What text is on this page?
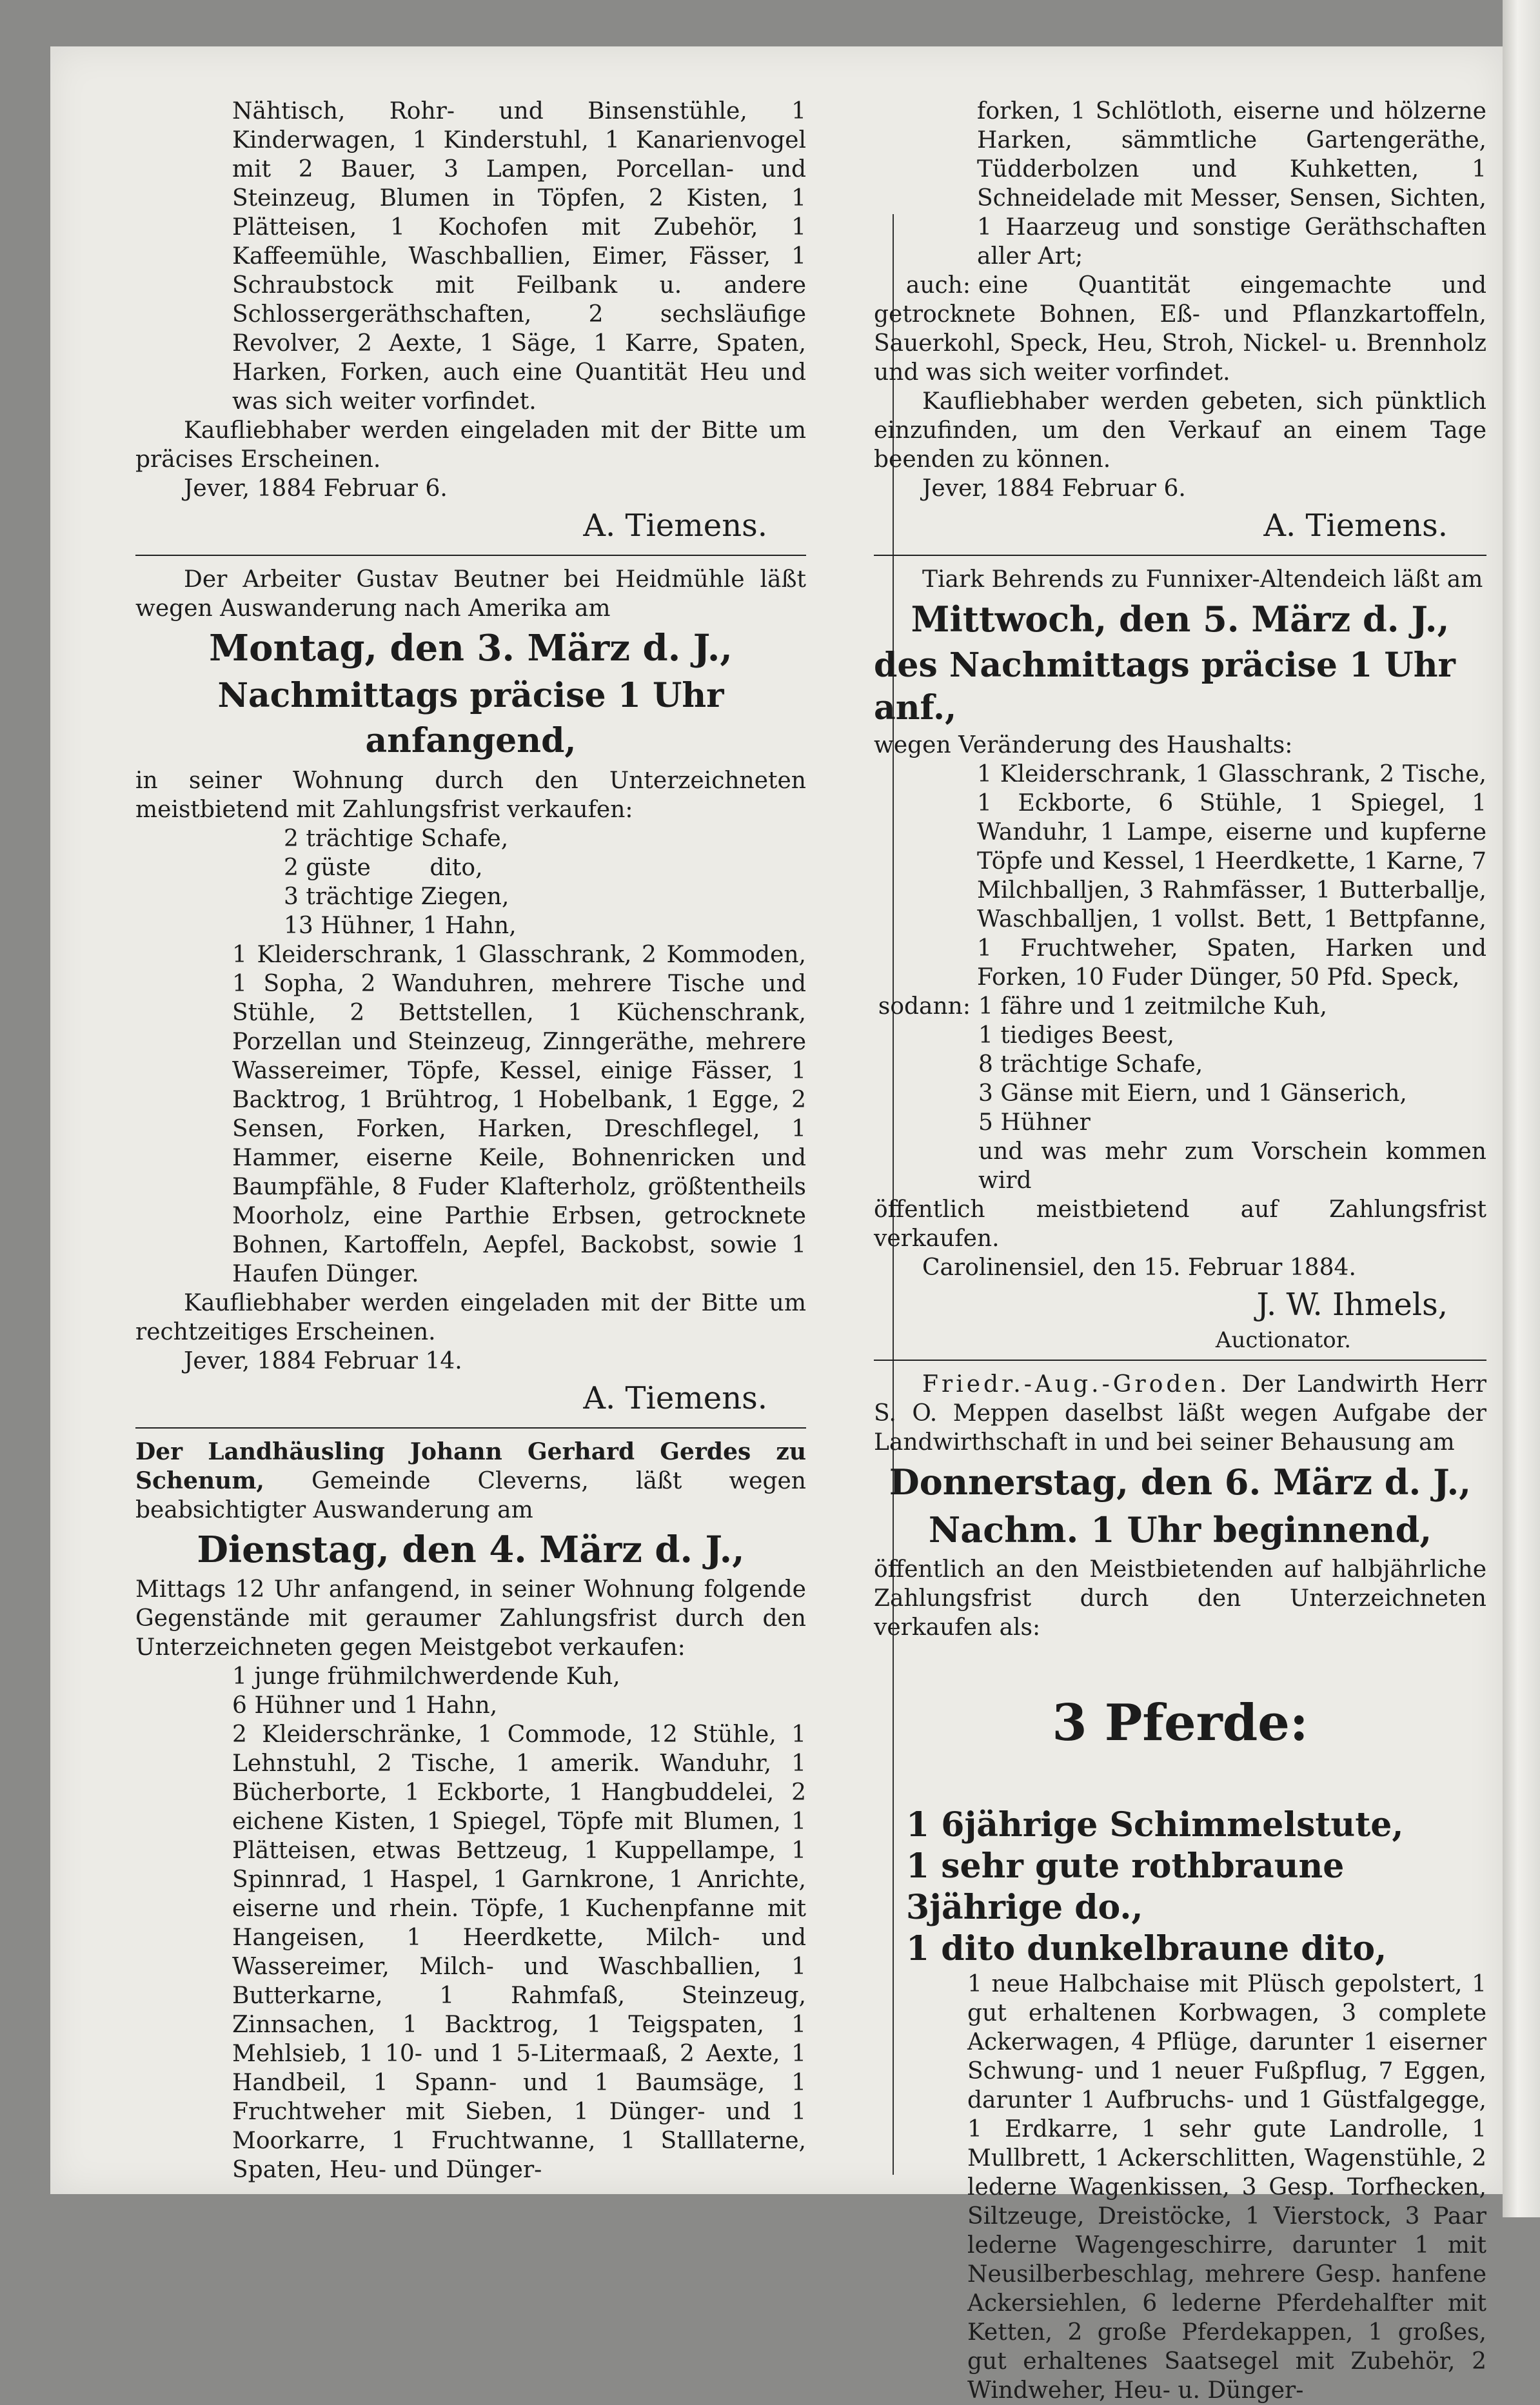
Nähtisch, Rohr- und Binsenstühle, 1 Kinderwagen, 1 Kinderstuhl, 1 Kanarienvogel mit 2 Bauer, 3 Lampen, Porcellan- und Steinzeug, Blumen in Töpfen, 2 Kisten, 1 Plätteisen, 1 Kochofen mit Zubehör, 1 Kaffeemühle, Waschballien, Eimer, Fässer, 1 Schraubstock mit Feilbank u. andere Schlossergeräthschaften, 2 sechsläufige Revolver, 2 Aexte, 1 Säge, 1 Karre, Spaten, Harken, Forken, auch eine Quantität Heu und was sich weiter vorfindet.

Kaufliebhaber werden eingeladen mit der Bitte um präcises Erscheinen.

Jever, 1884 Februar 6.

A. Tiemens.

Der Arbeiter Gustav Beutner bei Heidmühle läßt wegen Auswanderung nach Amerika am

Montag, den 3. März d. J.,

Nachmittags präcise 1 Uhr anfangend,

in seiner Wohnung durch den Unterzeichneten meistbietend mit Zahlungsfrist verkaufen:

2 trächtige Schafe,

2 güste        dito,

3 trächtige Ziegen,

13 Hühner, 1 Hahn,

1 Kleiderschrank, 1 Glasschrank, 2 Kommoden, 1 Sopha, 2 Wanduhren, mehrere Tische und Stühle, 2 Bettstellen, 1 Küchenschrank, Porzellan und Steinzeug, Zinngeräthe, mehrere Wassereimer, Töpfe, Kessel, einige Fässer, 1 Backtrog, 1 Brühtrog, 1 Hobelbank, 1 Egge, 2 Sensen, Forken, Harken, Dreschflegel, 1 Hammer, eiserne Keile, Bohnenricken und Baumpfähle, 8 Fuder Klafterholz, größtentheils Moorholz, eine Parthie Erbsen, getrocknete Bohnen, Kartoffeln, Aepfel, Backobst, sowie 1 Haufen Dünger.

Kaufliebhaber werden eingeladen mit der Bitte um rechtzeitiges Erscheinen.

Jever, 1884 Februar 14.

A. Tiemens.

Der Landhäusling Johann Gerhard Gerdes zu Schenum, Gemeinde Cleverns, läßt wegen beabsichtigter Auswanderung am

Dienstag, den 4. März d. J.,

Mittags 12 Uhr anfangend, in seiner Wohnung folgende Gegenstände mit geraumer Zahlungsfrist durch den Unterzeichneten gegen Meistgebot verkaufen:

1 junge frühmilchwerdende Kuh,

6 Hühner und 1 Hahn,

2 Kleiderschränke, 1 Commode, 12 Stühle, 1 Lehnstuhl, 2 Tische, 1 amerik. Wanduhr, 1 Bücherborte, 1 Eckborte, 1 Hangbuddelei, 2 eichene Kisten, 1 Spiegel, Töpfe mit Blumen, 1 Plätteisen, etwas Bettzeug, 1 Kuppellampe, 1 Spinnrad, 1 Haspel, 1 Garnkrone, 1 Anrichte, eiserne und rhein. Töpfe, 1 Kuchenpfanne mit Hangeisen, 1 Heerdkette, Milch- und Wassereimer, Milch- und Waschballien, 1 Butterkarne, 1 Rahmfaß, Steinzeug, Zinnsachen, 1 Backtrog, 1 Teigspaten, 1 Mehlsieb, 1 10- und 1 5-Litermaaß, 2 Aexte, 1 Handbeil, 1 Spann- und 1 Baumsäge, 1 Fruchtweher mit Sieben, 1 Dünger- und 1 Moorkarre, 1 Fruchtwanne, 1 Stalllaterne, Spaten, Heu- und Dünger-

forken, 1 Schlötloth, eiserne und hölzerne Harken, sämmtliche Gartengeräthe, Tüdderbolzen und Kuhketten, 1 Schneidelade mit Messer, Sensen, Sichten, 1 Haarzeug und sonstige Geräthschaften aller Art;

auch: eine Quantität eingemachte und getrocknete Bohnen, Eß- und Pflanzkartoffeln, Sauerkohl, Speck, Heu, Stroh, Nickel- u. Brennholz und was sich weiter vorfindet.

Kaufliebhaber werden gebeten, sich pünktlich einzufinden, um den Verkauf an einem Tage beenden zu können.

Jever, 1884 Februar 6.

A. Tiemens.

Tiark Behrends zu Funnixer-Altendeich läßt am

Mittwoch, den 5. März d. J.,

des Nachmittags präcise 1 Uhr anf.,

wegen Veränderung des Haushalts:

1 Kleiderschrank, 1 Glasschrank, 2 Tische, 1 Eckborte, 6 Stühle, 1 Spiegel, 1 Wanduhr, 1 Lampe, eiserne und kupferne Töpfe und Kessel, 1 Heerdkette, 1 Karne, 7 Milchballjen, 3 Rahmfässer, 1 Butterballje, Waschballjen, 1 vollst. Bett, 1 Bettpfanne, 1 Fruchtweher, Spaten, Harken und Forken, 10 Fuder Dünger, 50 Pfd. Speck,

sodann: 1 fähre und 1 zeitmilche Kuh,

1 tiediges Beest,

8 trächtige Schafe,

3 Gänse mit Eiern, und 1 Gänserich,

5 Hühner

und was mehr zum Vorschein kommen wird

öffentlich meistbietend auf Zahlungsfrist verkaufen.

Carolinensiel, den 15. Februar 1884.

J. W. Ihmels,

Auctionator.

Friedr.-Aug.-Groden. Der Landwirth Herr S. O. Meppen daselbst läßt wegen Aufgabe der Landwirthschaft in und bei seiner Behausung am

Donnerstag, den 6. März d. J.,

Nachm. 1 Uhr beginnend,

öffentlich an den Meistbietenden auf halbjährliche Zahlungsfrist durch den Unterzeichneten verkaufen als:

3 Pferde:

1 6jährige Schimmelstute,

1 sehr gute rothbraune 3jährige do.,

1 dito dunkelbraune dito,

1 neue Halbchaise mit Plüsch gepolstert, 1 gut erhaltenen Korbwagen, 3 complete Ackerwagen, 4 Pflüge, darunter 1 eiserner Schwung- und 1 neuer Fußpflug, 7 Eggen, darunter 1 Aufbruchs- und 1 Güstfalgegge, 1 Erdkarre, 1 sehr gute Landrolle, 1 Mullbrett, 1 Ackerschlitten, Wagenstühle, 2 lederne Wagenkissen, 3 Gesp. Torfhecken, Siltzeuge, Dreistöcke, 1 Vierstock, 3 Paar lederne Wagengeschirre, darunter 1 mit Neusilberbeschlag, mehrere Gesp. hanfene Ackersiehlen, 6 lederne Pferdehalfter mit Ketten, 2 große Pferdekappen, 1 großes, gut erhaltenes Saatsegel mit Zubehör, 2 Windweher, Heu- u. Dünger-
